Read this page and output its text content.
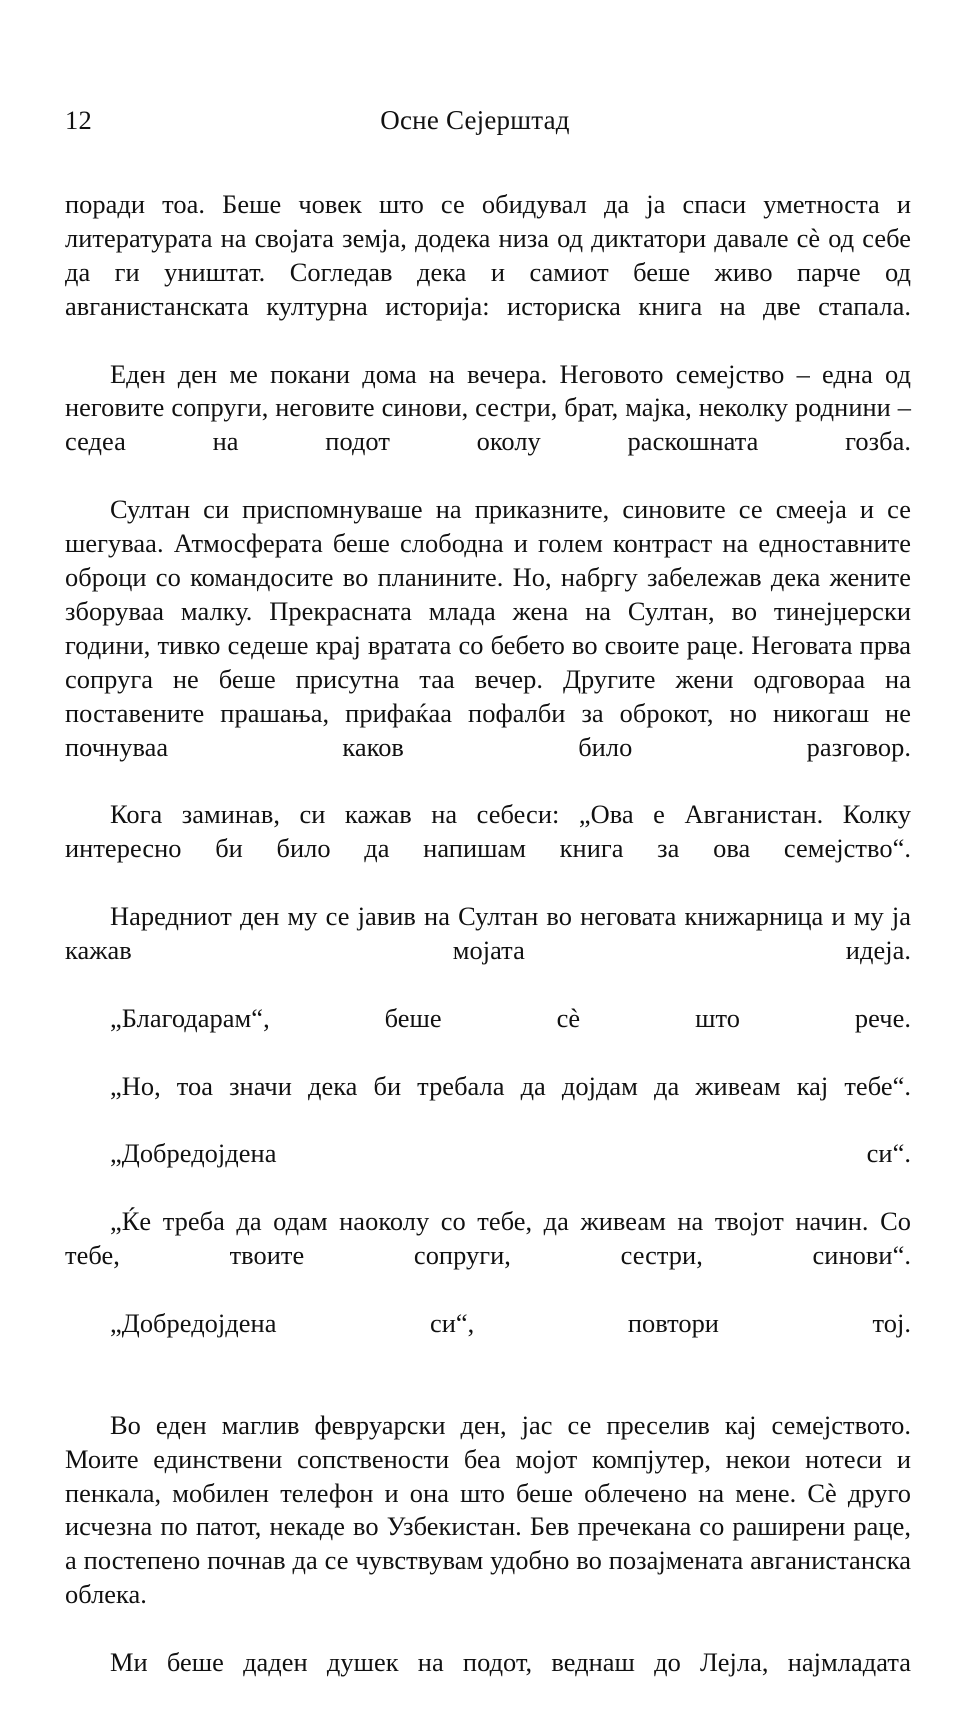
12	Осне Сејерштад

поради тоа. Беше човек што се обидувал да ја спаси уметноста и литературата на својата земја, додека низа од диктатори давале сè од себе да ги уништат. Согледав дека и самиот беше живо парче од авганистанската културна историја: историска книга на две стапала.

Еден ден ме покани дома на вечера. Неговото семејство – една од неговите сопруги, неговите синови, сестри, брат, мајка, неколку роднини – седеа на подот околу раскошната гозба.

Султан си приспомнуваше на приказните, синовите се смееја и се шегуваа. Атмосферата беше слободна и голем контраст на едноставните оброци со командосите во планините. Но, набргу забележав дека жените зборуваа малку. Прекрасната млада жена на Султан, во тинејџерски години, тивко седеше крај вратата со бебето во своите раце. Неговата прва сопруга не беше присутна таа вечер. Другите жени одговораа на поставените прашања, прифаќаа пофалби за оброкот, но никогаш не почнуваа каков било разговор.

Кога заминав, си кажав на себеси: „Ова е Авганистан. Колку интересно би било да напишам книга за ова семејство“.

Наредниот ден му се јавив на Султан во неговата книжарница и му ја кажав мојата идеја.

„Благодарам“, беше сè што рече.

„Но, тоа значи дека би требала да дојдам да живеам кај тебе“.

„Добредојдена си“.

„Ќе треба да одам наоколу со тебе, да живеам на твојот начин. Со тебе, твоите сопруги, сестри, синови“.

„Добредојдена си“, повтори тој.

Во еден маглив февруарски ден, јас се преселив кај семејството. Моите единствени сопствености беа мојот компјутер, некои нотеси и пенкала, мобилен телефон и она што беше облечено на мене. Сè друго исчезна по патот, некаде во Узбекистан. Бев пречекана со раширени раце, а постепено почнав да се чувствувам удобно во позајмената авганистанска облека.

Ми беше даден душек на подот, веднаш до Лејла, најмладата
